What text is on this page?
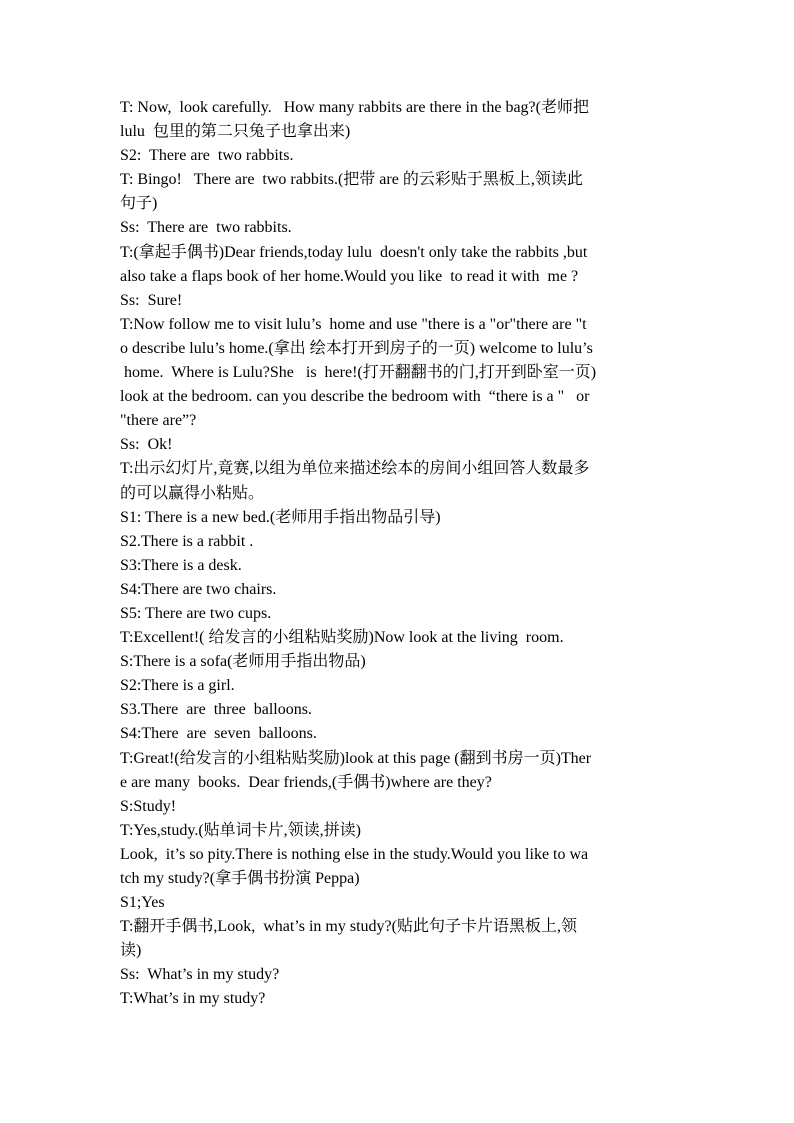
T: Now,  look carefully.   How many rabbits are there in the bag?(老师把
lulu  包里的第二只兔子也拿出来)
S2:  There are  two rabbits.
T: Bingo!   There are  two rabbits.(把带 are 的云彩贴于黑板上,领读此
句子)
Ss:  There are  two rabbits.
T:(拿起手偶书)Dear friends,today lulu  doesn't only take the rabbits ,but
also take a flaps book of her home.Would you like  to read it with  me ?
Ss:  Sure!
T:Now follow me to visit lulu’s  home and use "there is a "or"there are "t
o describe lulu’s home.(拿出 绘本打开到房子的一页) welcome to lulu’s
home.  Where is Lulu?She   is  here!(打开翻翻书的门,打开到卧室一页)
look at the bedroom. can you describe the bedroom with  “there is a "   or
"there are”?
Ss:  Ok!
T:出示幻灯片,竟赛,以组为单位来描述绘本的房间小组回答人数最多
的可以赢得小粘贴。
S1: There is a new bed.(老师用手指出物品引导)
S2.There is a rabbit .
S3:There is a desk.
S4:There are two chairs.
S5: There are two cups.
T:Excellent!( 给发言的小组粘贴奖励)Now look at the living  room.
S:There is a sofa(老师用手指出物品)
S2:There is a girl.
S3.There  are  three  balloons.
S4:There  are  seven  balloons.
T:Great!(给发言的小组粘贴奖励)look at this page (翻到书房一页)Ther
e are many  books.  Dear friends,(手偶书)where are they?
S:Study!
T:Yes,study.(贴单词卡片,领读,拼读)
Look,  it’s so pity.There is nothing else in the study.Would you like to wa
tch my study?(拿手偶书扮演 Peppa)
S1;Yes
T:翻开手偶书,Look,  what’s in my study?(贴此句子卡片语黑板上,领
读)
Ss:  What’s in my study?
T:What’s in my study?
